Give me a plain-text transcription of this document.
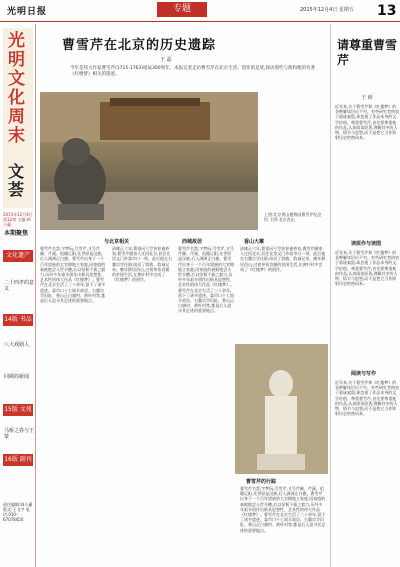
光明日报	专题	2015年12月4日 星期五 13
光明文化周末
文荟
2015年12月4日 第12周 主编:韩小蕙
本期聚焦
文化遗产
二十四孝的意义
14版 书品
八大戏剧人
回顾的新闻
15版 文苑
马桥之春与王蒙
16版 副刊
责任编辑:韩小蕙 版式:王飞宇 电话:010-67078450
曹雪芹在北京的历史遗踪
王 磊
今年是伟大作家曹雪芹(1715-1763)诞辰300周年。本报记者走访曹雪芹在北京生活、创作的足迹,探访那些与他和他的名著《红楼梦》相关的遗迹。
上图:北京香山植物园曹雪芹纪念馆 下图:北京西山
与北京相关
曹雪芹名霑,字梦阮,号雪芹,又号芹圃、芹溪。祖籍辽阳,先世原是汉族,后入满洲正白旗。曹雪芹出身于一个百年望族的大官僚地主家庭,因家庭的衰败饱尝人世辛酸,后以坚韧不拔之毅力,历经多年艰辛创作出极具思想性、艺术性的伟大作品《红楼梦》。曹雪芹在北京生活了三十余年,留下了诸多遗迹。蒜市口十七间半故居、右翼宗学旧址、香山正白旗村、黄叶村等,都是后人追寻其足迹的重要地点。
清雍正六年,曹家因亏空获罪被抄家,曹雪芹随家人迁回北京,居住在崇文门外蒜市口一带。此后他在右翼宗学任职,结识了敦敏、敦诚兄弟。晚年移居西山,过着举家食粥的贫困生活,在黄叶村中完成了《红楼梦》的创作。
西城故居
曹雪芹名霑,字梦阮,号雪芹,又号芹圃、芹溪。祖籍辽阳,先世原是汉族,后入满洲正白旗。曹雪芹出身于一个百年望族的大官僚地主家庭,因家庭的衰败饱尝人世辛酸,后以坚韧不拔之毅力,历经多年艰辛创作出极具思想性、艺术性的伟大作品《红楼梦》。曹雪芹在北京生活了三十余年,留下了诸多遗迹。蒜市口十七间半故居、右翼宗学旧址、香山正白旗村、黄叶村等,都是后人追寻其足迹的重要地点。
香山大寨
清雍正六年,曹家因亏空获罪被抄家,曹雪芹随家人迁回北京,居住在崇文门外蒜市口一带。此后他在右翼宗学任职,结识了敦敏、敦诚兄弟。晚年移居西山,过着举家食粥的贫困生活,在黄叶村中完成了《红楼梦》的创作。
曹雪芹的行踪
曹雪芹名霑,字梦阮,号雪芹,又号芹圃、芹溪。祖籍辽阳,先世原是汉族,后入满洲正白旗。曹雪芹出身于一个百年望族的大官僚地主家庭,因家庭的衰败饱尝人世辛酸,后以坚韧不拔之毅力,历经多年艰辛创作出极具思想性、艺术性的伟大作品《红楼梦》。曹雪芹在北京生活了三十余年,留下了诸多遗迹。蒜市口十七间半故居、右翼宗学旧址、香山正白旗村、黄叶村等,都是后人追寻其足迹的重要地点。
请尊重曹雪芹
王 研
近年来,关于曹雪芹和《红楼梦》的各种解读层出不穷。有些研究者热衷于猜谜索隐,却忽视了作品本身的文学价值。尊重曹雪芹,首先要尊重他的作品,认真阅读原著,理解其中的人物、情节与思想,而不是把它当作影射历史的密码本。
读原作与读图
近年来,关于曹雪芹和《红楼梦》的各种解读层出不穷。有些研究者热衷于猜谜索隐,却忽视了作品本身的文学价值。尊重曹雪芹,首先要尊重他的作品,认真阅读原著,理解其中的人物、情节与思想,而不是把它当作影射历史的密码本。
阅读与写作
近年来,关于曹雪芹和《红楼梦》的各种解读层出不穷。有些研究者热衷于猜谜索隐,却忽视了作品本身的文学价值。尊重曹雪芹,首先要尊重他的作品,认真阅读原著,理解其中的人物、情节与思想,而不是把它当作影射历史的密码本。
